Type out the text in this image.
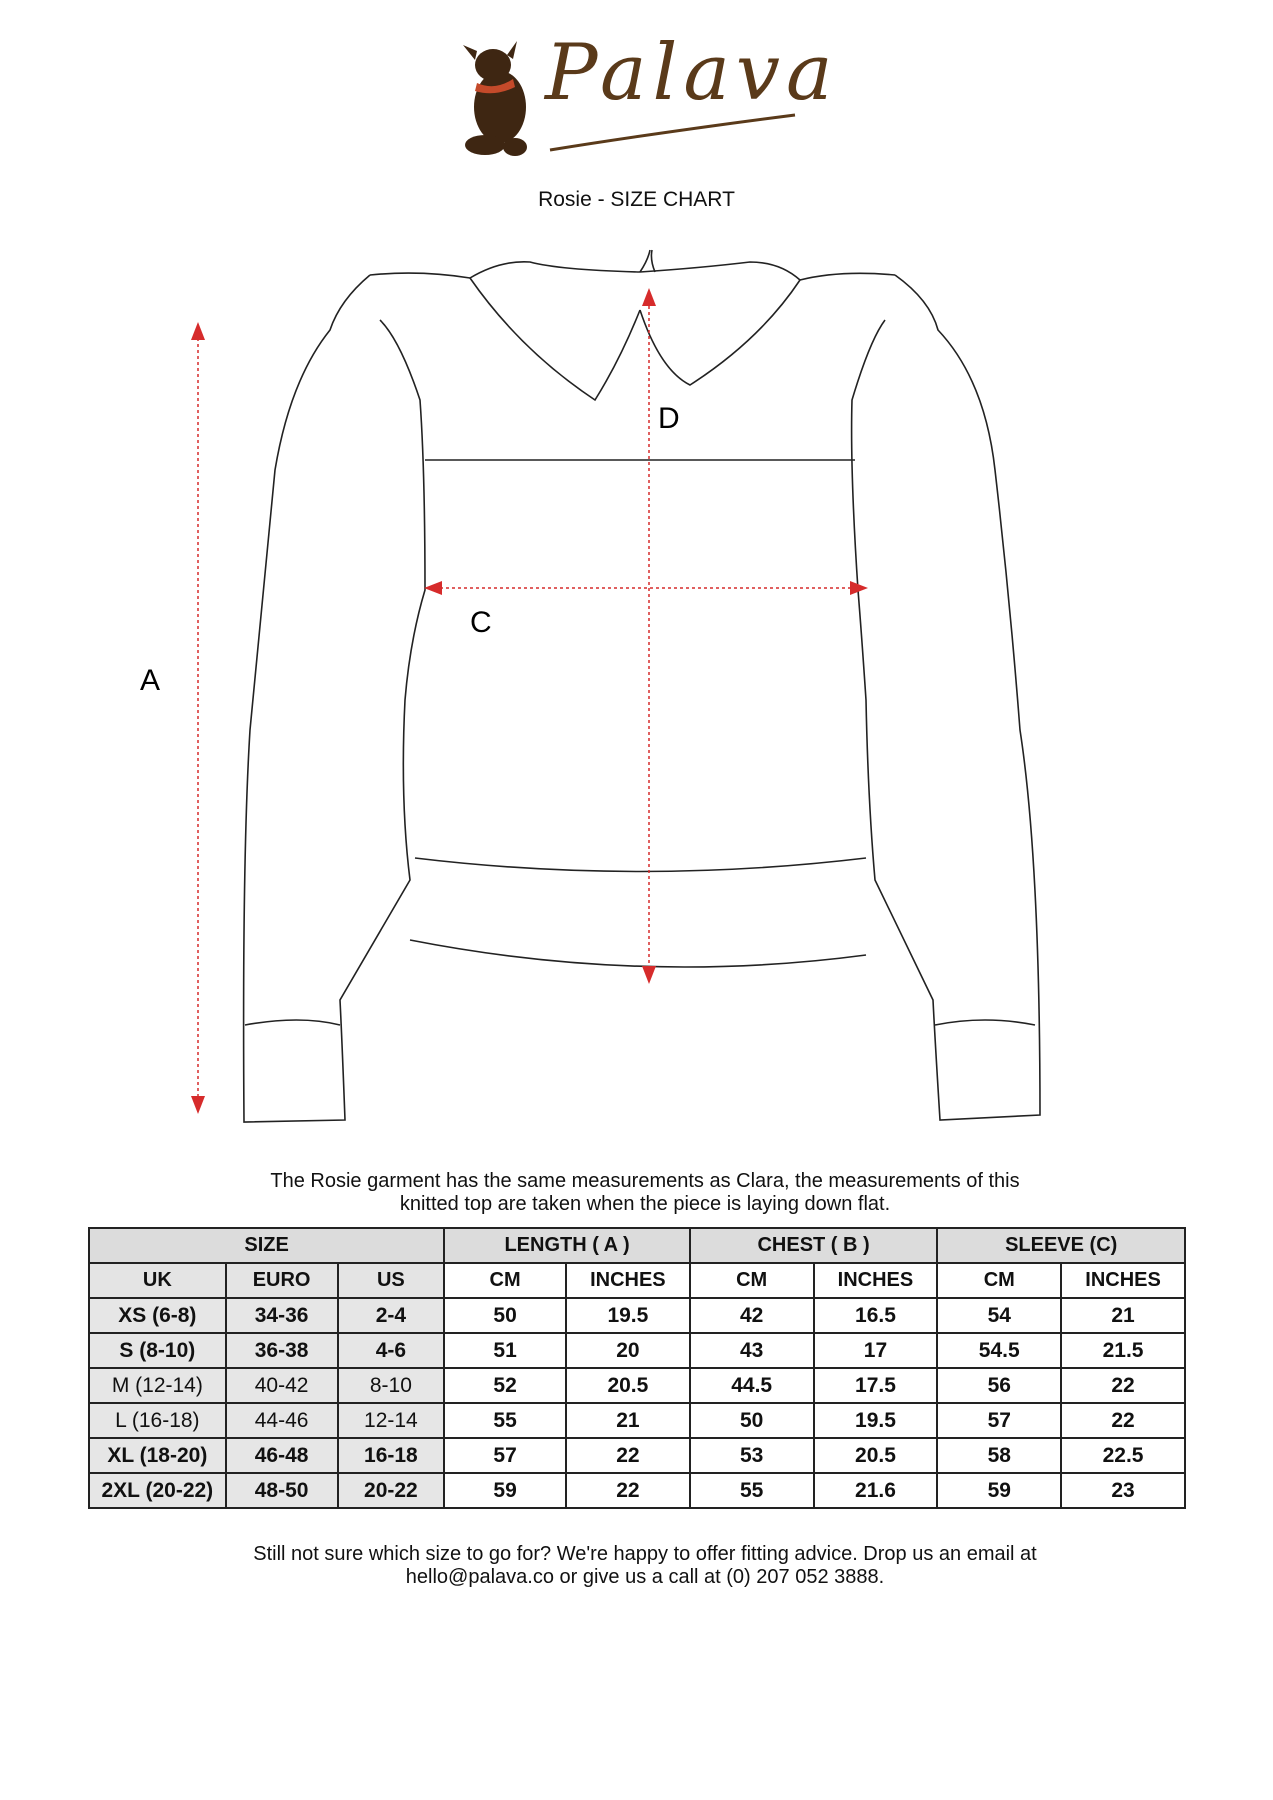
Palava
Rosie - SIZE CHART
A
C
D
The Rosie garment has the same measurements as Clara, the measurements of this
knitted top are taken when the piece is laying down flat.
SIZE			LENGTH ( A )		CHEST ( B )		SLEEVE (C)	
UK	EURO	US	CM	INCHES	CM	INCHES	CM	INCHES
XS (6-8)	34-36	2-4	50	19.5	42	16.5	54	21
S (8-10)	36-38	4-6	51	20	43	17	54.5	21.5
M (12-14)	40-42	8-10	52	20.5	44.5	17.5	56	22
L (16-18)	44-46	12-14	55	21	50	19.5	57	22
XL (18-20)	46-48	16-18	57	22	53	20.5	58	22.5
2XL (20-22)	48-50	20-22	59	22	55	21.6	59	23
Still not sure which size to go for? We're happy to offer fitting advice. Drop us an email at
hello@palava.co or give us a call at (0) 207 052 3888.
